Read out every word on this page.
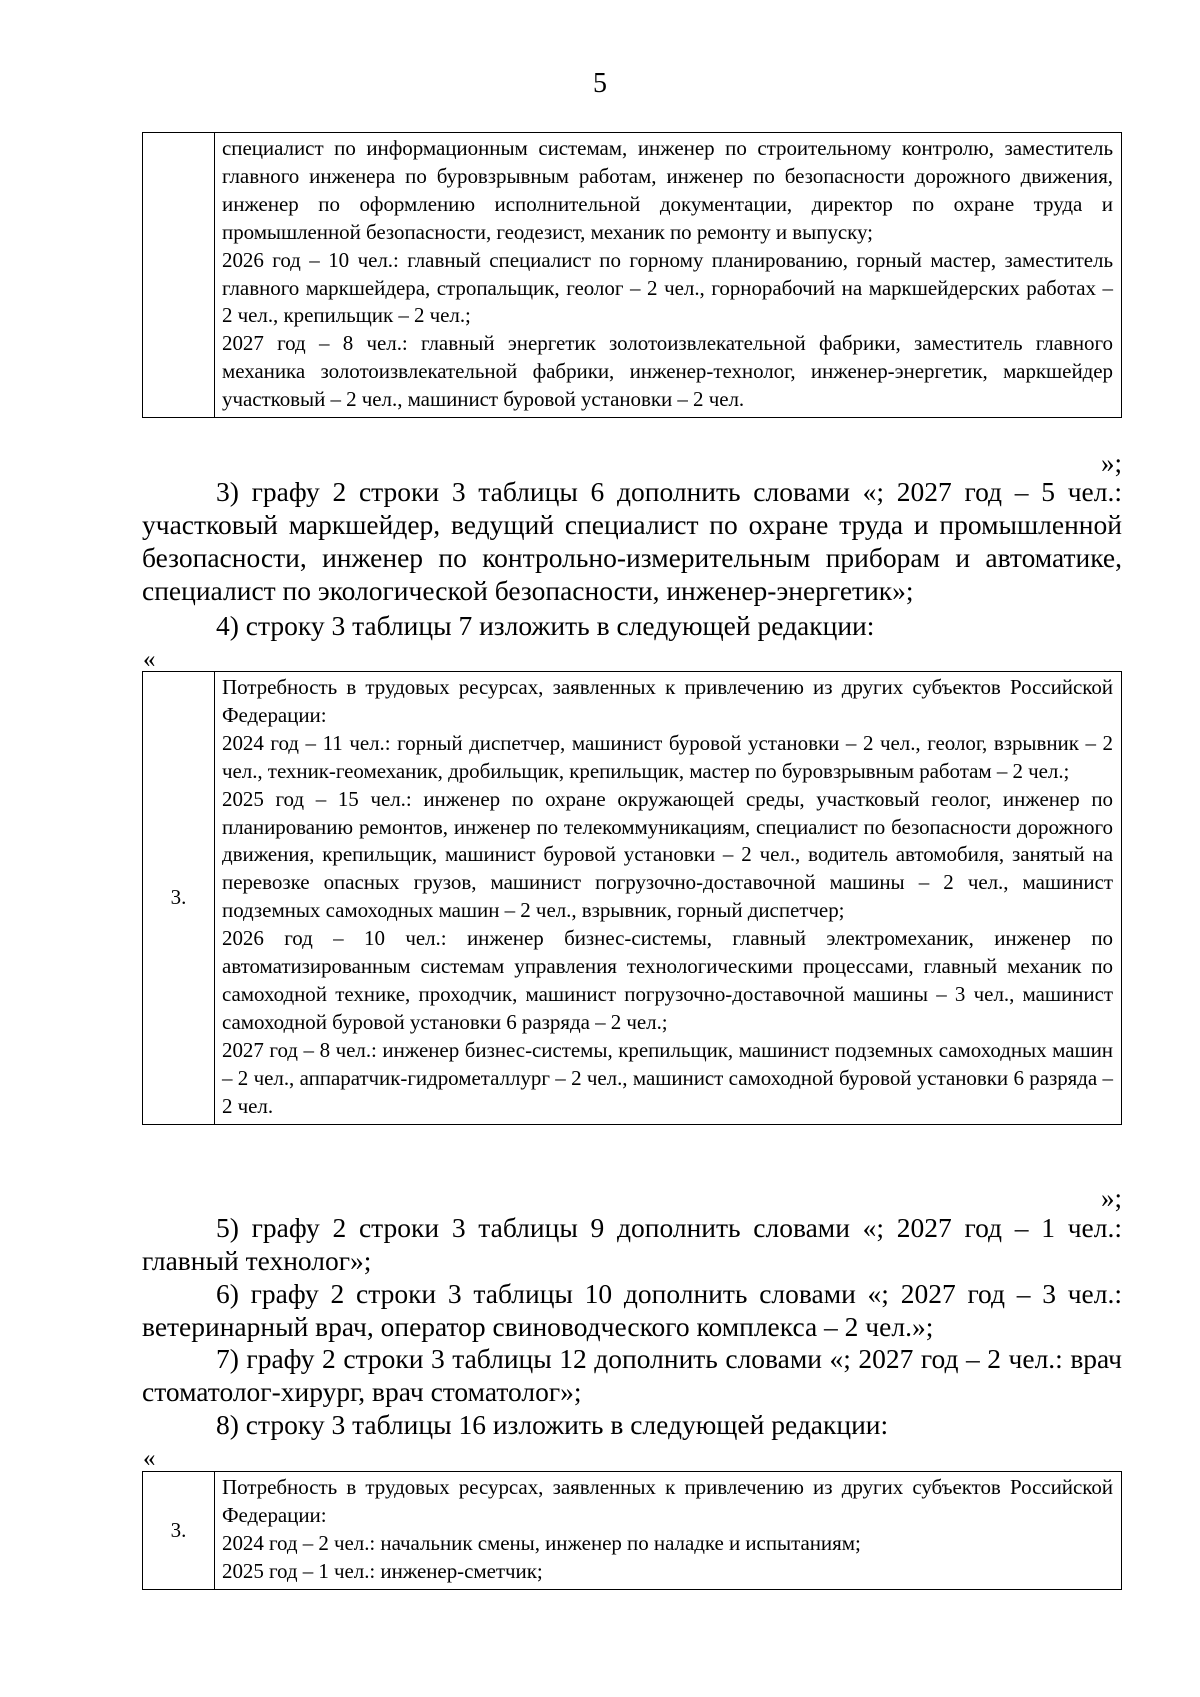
5

специалист по информационным системам, инженер по строительному контролю, заместитель главного инженера по буровзрывным работам, инженер по безопасности дорожного движения, инженер по оформлению исполнительной документации, директор по охране труда и промышленной безопасности, геодезист, механик по ремонту и выпуску;

2026 год – 10 чел.: главный специалист по горному планированию, горный мастер, заместитель главного маркшейдера, стропальщик, геолог – 2 чел., горнорабочий на маркшейдерских работах – 2 чел., крепильщик – 2 чел.;

2027 год – 8 чел.: главный энергетик золотоизвлекательной фабрики, заместитель главного механика золотоизвлекательной фабрики, инженер-технолог, инженер-энергетик, маркшейдер участковый – 2 чел., машинист буровой установки – 2 чел.

»;

3) графу 2 строки 3 таблицы 6 дополнить словами «; 2027 год – 5 чел.: участковый маркшейдер, ведущий специалист по охране труда и промышленной безопасности, инженер по контрольно-измерительным приборам и автоматике, специалист по экологической безопасности, инженер-энергетик»;

4) строку 3 таблицы 7 изложить в следующей редакции:

«
3.

Потребность в трудовых ресурсах, заявленных к привлечению из других субъектов Российской Федерации:

2024 год – 11 чел.: горный диспетчер, машинист буровой установки – 2 чел., геолог, взрывник – 2 чел., техник-геомеханик, дробильщик, крепильщик, мастер по буровзрывным работам – 2 чел.;

2025 год – 15 чел.: инженер по охране окружающей среды, участковый геолог, инженер по планированию ремонтов, инженер по телекоммуникациям, специалист по безопасности дорожного движения, крепильщик, машинист буровой установки – 2 чел., водитель автомобиля, занятый на перевозке опасных грузов, машинист погрузочно-доставочной машины – 2 чел., машинист подземных самоходных машин – 2 чел., взрывник, горный диспетчер;

2026 год – 10 чел.: инженер бизнес-системы, главный электромеханик, инженер по автоматизированным системам управления технологическими процессами, главный механик по самоходной технике, проходчик, машинист погрузочно-доставочной машины – 3 чел., машинист самоходной буровой установки 6 разряда – 2 чел.;

2027 год – 8 чел.: инженер бизнес-системы, крепильщик, машинист подземных самоходных машин – 2 чел., аппаратчик-гидрометаллург – 2 чел., машинист самоходной буровой установки 6 разряда – 2 чел.

»;

5) графу 2 строки 3 таблицы 9 дополнить словами «; 2027 год – 1 чел.: главный технолог»;

6) графу 2 строки 3 таблицы 10 дополнить словами «; 2027 год – 3 чел.: ветеринарный врач, оператор свиноводческого комплекса – 2 чел.»;

7) графу 2 строки 3 таблицы 12 дополнить словами «; 2027 год – 2 чел.: врач стоматолог-хирург, врач стоматолог»;

8) строку 3 таблицы 16 изложить в следующей редакции:

«
3.

Потребность в трудовых ресурсах, заявленных к привлечению из других субъектов Российской Федерации:

2024 год – 2 чел.: начальник смены, инженер по наладке и испытаниям;

2025 год – 1 чел.: инженер-сметчик;
